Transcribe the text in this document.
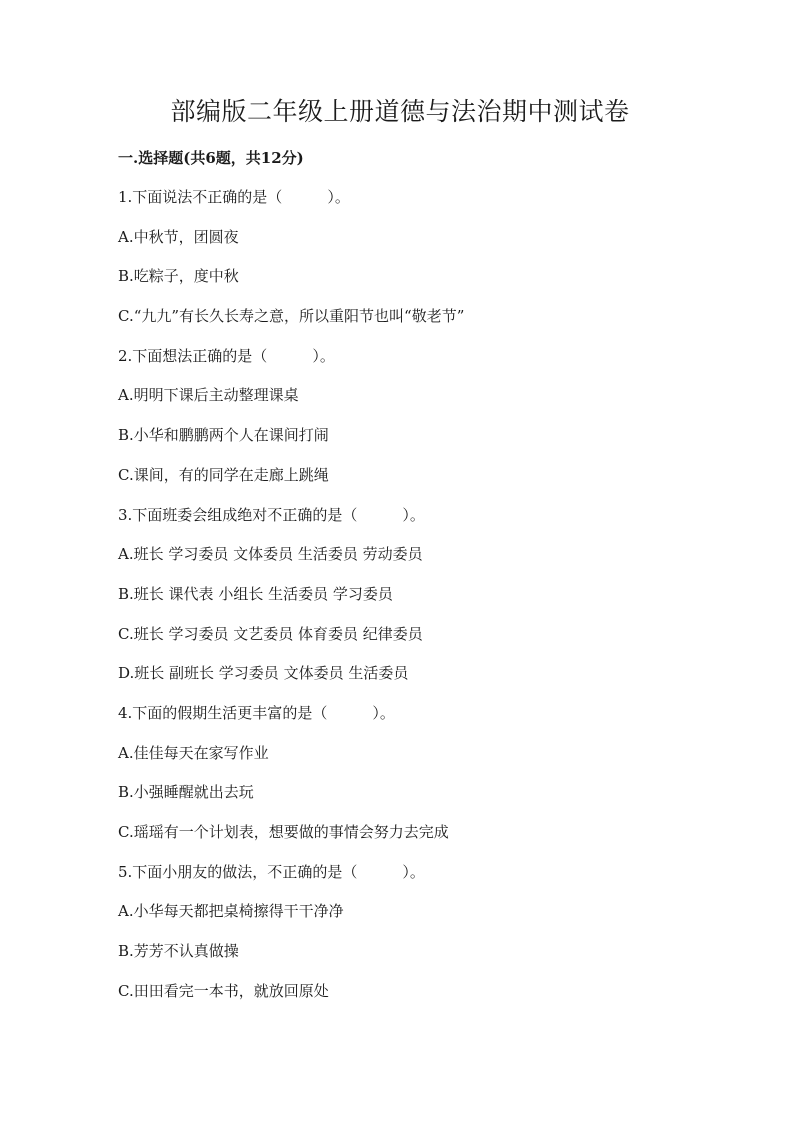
部编版二年级上册道德与法治期中测试卷
一.选择题(共6题，共12分)
1.下面说法不正确的是（　　　）。
A.中秋节，团圆夜
B.吃粽子，度中秋
C.“九九”有长久长寿之意，所以重阳节也叫“敬老节”
2.下面想法正确的是（　　　）。
A.明明下课后主动整理课桌
B.小华和鹏鹏两个人在课间打闹
C.课间，有的同学在走廊上跳绳
3.下面班委会组成绝对不正确的是（　　　）。
A.班长 学习委员 文体委员 生活委员 劳动委员
B.班长 课代表 小组长 生活委员 学习委员
C.班长 学习委员 文艺委员 体育委员 纪律委员
D.班长 副班长 学习委员 文体委员 生活委员
4.下面的假期生活更丰富的是（　　　）。
A.佳佳每天在家写作业
B.小强睡醒就出去玩
C.瑶瑶有一个计划表，想要做的事情会努力去完成
5.下面小朋友的做法，不正确的是（　　　）。
A.小华每天都把桌椅擦得干干净净
B.芳芳不认真做操
C.田田看完一本书，就放回原处
